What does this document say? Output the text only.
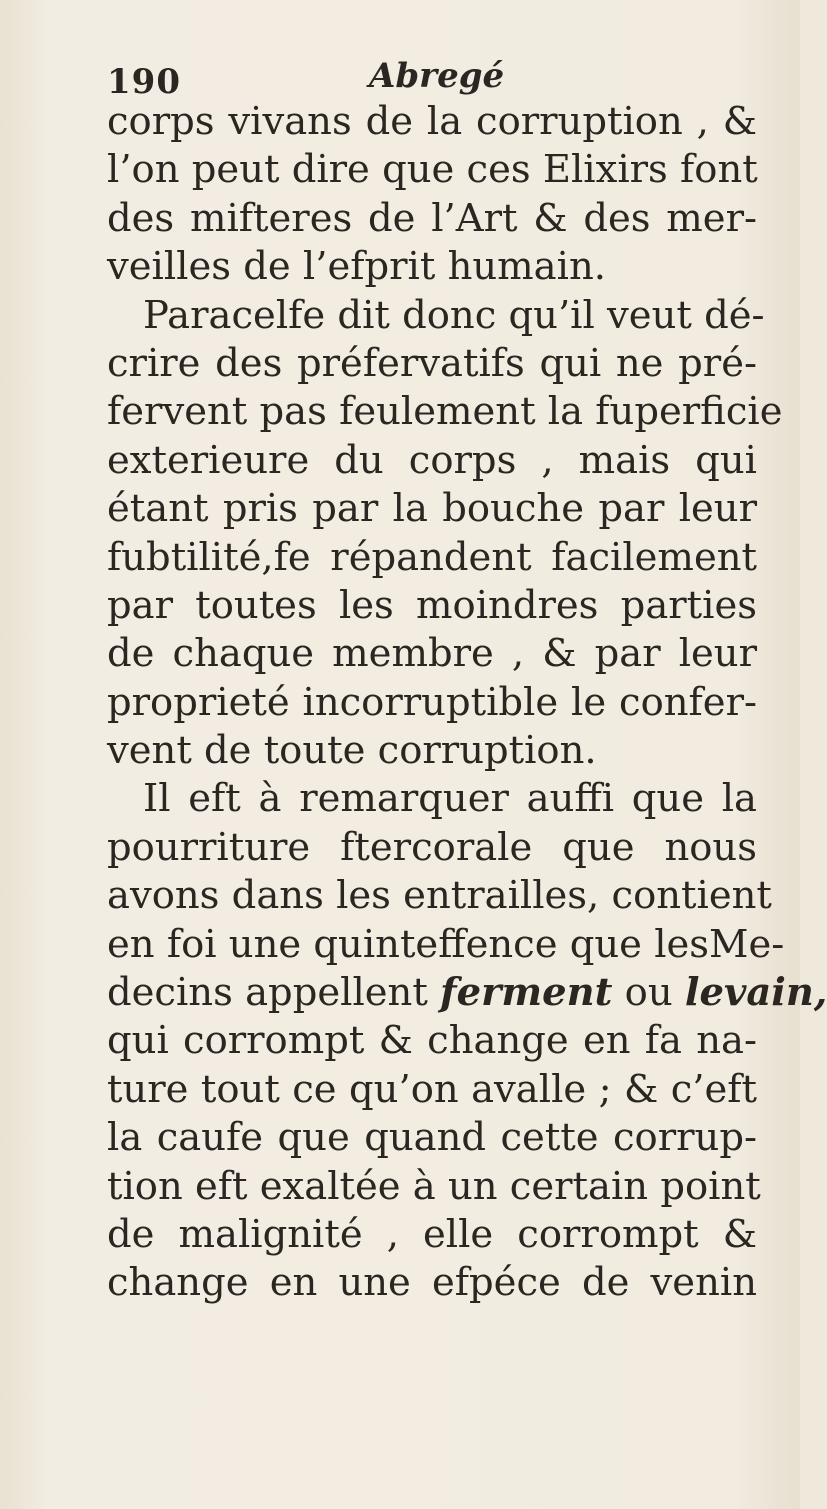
190	Abregé
corps vivans de la corruption , &
l’on peut dire que ces Elixirs font
des mifteres de l’Art & des mer-
veilles de l’efprit humain.
Paracelfe dit donc qu’il veut dé-
crire des préfervatifs qui ne pré-
fervent pas feulement la fuperficie
exterieure du corps , mais qui
étant pris par la bouche par leur
fubtilité,fe répandent facilement
par toutes les moindres parties
de chaque membre , & par leur
proprieté incorruptible le confer-
vent de toute corruption.
Il eft à remarquer auffi que la
pourriture ftercorale que nous
avons dans les entrailles, contient
en foi une quinteffence que lesMe-
decins appellent ferment ou levain,
qui corrompt & change en fa na-
ture tout ce qu’on avalle ; & c’eft
la caufe que quand cette corrup-
tion eft exaltée à un certain point
de malignité , elle corrompt &
change en une efpéce de venin
